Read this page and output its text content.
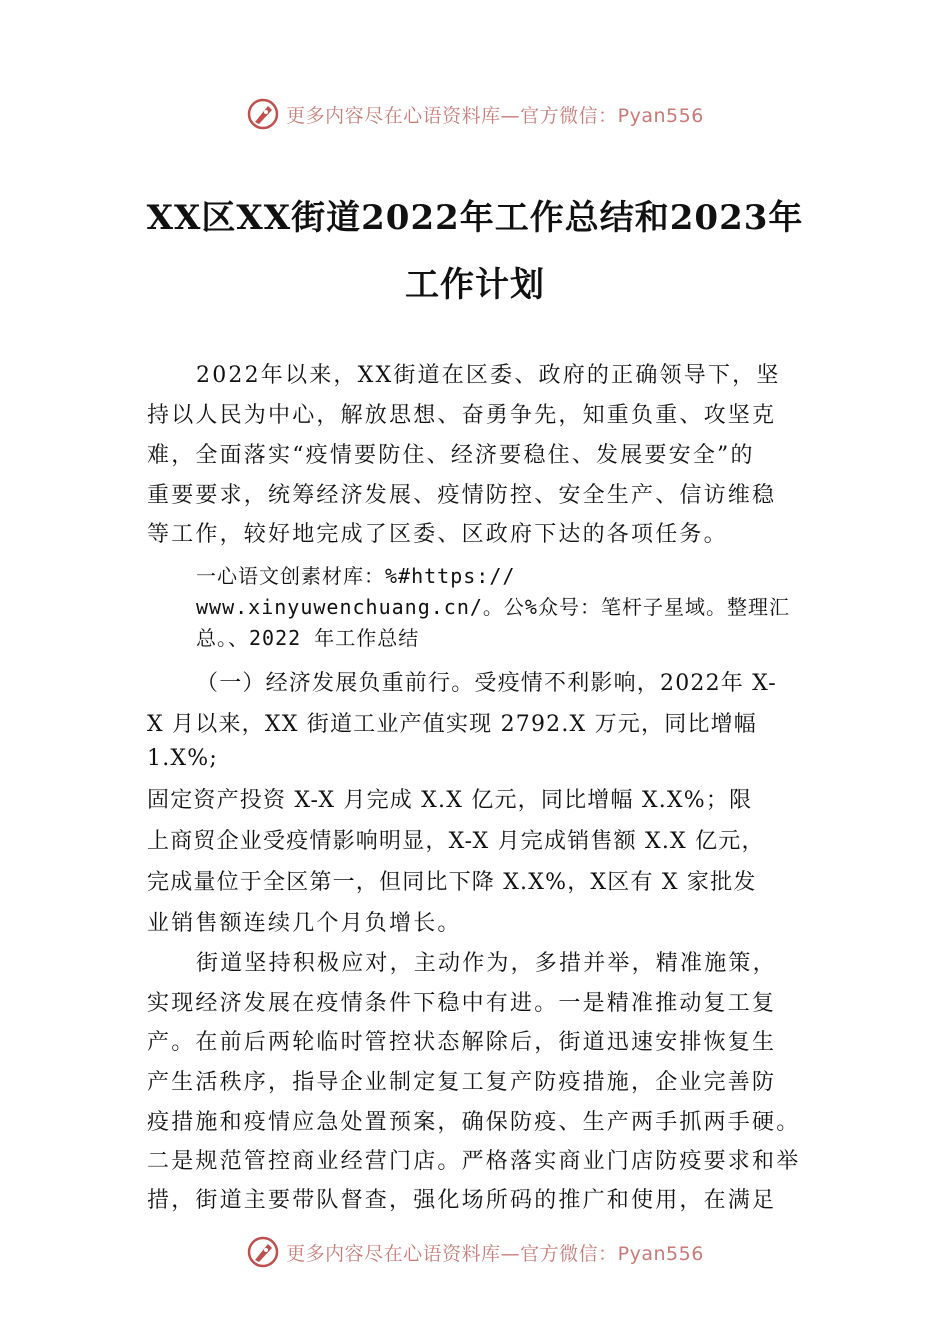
更多内容尽在心语资料库—官方微信：Pyan556
XX区XX街道2022年工作总结和2023年
工作计划
2022年以来，XX街道在区委、政府的正确领导下，坚
持以人民为中心，解放思想、奋勇争先，知重负重、攻坚克
难，全面落实“疫情要防住、经济要稳住、发展要安全”的
重要要求，统筹经济发展、疫情防控、安全生产、信访维稳
等工作，较好地完成了区委、区政府下达的各项任务。
一心语文创素材库：%#https://
www.xinyuwenchuang.cn/。公%众号：笔杆子星域。整理汇
总。、2022 年工作总结
（一）经济发展负重前行。受疫情不利影响，2022年 X-
X 月以来，XX 街道工业产值实现 2792.X 万元，同比增幅
1.X%;
固定资产投资 X-X 月完成 X.X 亿元，同比增幅 X.X%；限
上商贸企业受疫情影响明显，X-X 月完成销售额 X.X 亿元，
完成量位于全区第一，但同比下降 X.X%，X区有 X 家批发
业销售额连续几个月负增长。
街道坚持积极应对，主动作为，多措并举，精准施策，
实现经济发展在疫情条件下稳中有进。一是精准推动复工复
产。在前后两轮临时管控状态解除后，街道迅速安排恢复生
产生活秩序，指导企业制定复工复产防疫措施，企业完善防
疫措施和疫情应急处置预案，确保防疫、生产两手抓两手硬。
二是规范管控商业经营门店。严格落实商业门店防疫要求和举
措，街道主要带队督查，强化场所码的推广和使用，在满足
更多内容尽在心语资料库—官方微信：Pyan556
